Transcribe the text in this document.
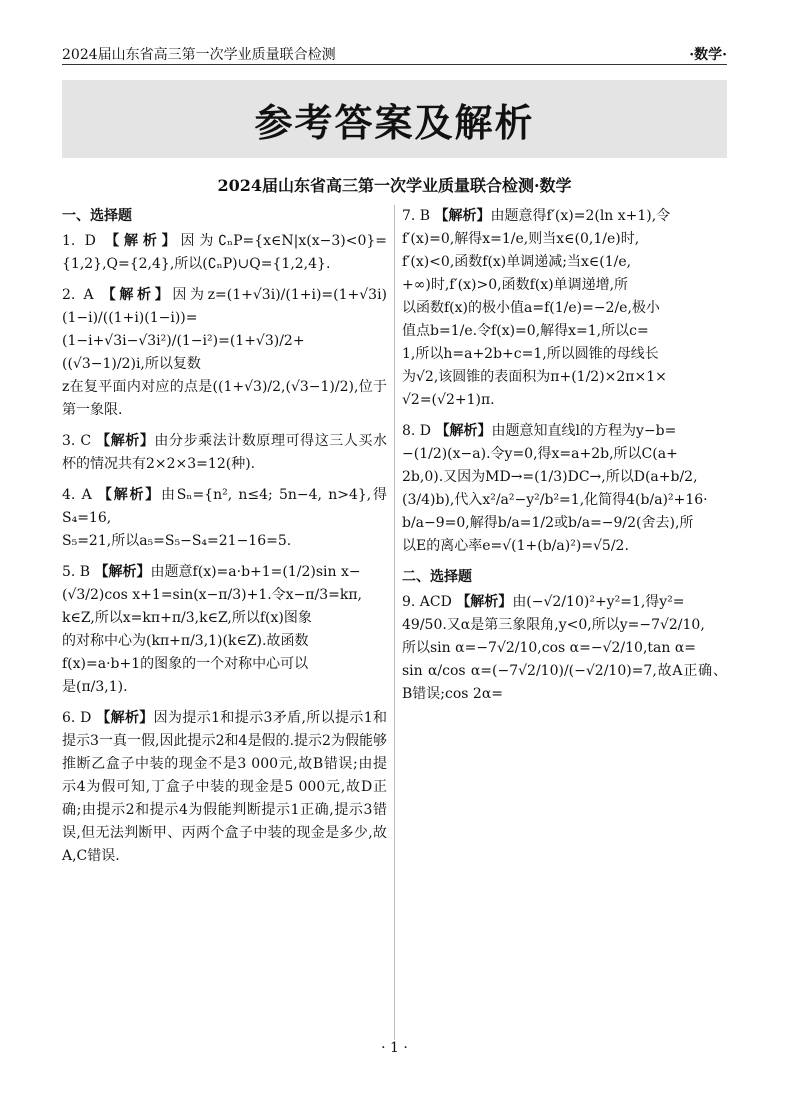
2024届山东省高三第一次学业质量联合检测	·数学·
参考答案及解析
2024届山东省高三第一次学业质量联合检测·数学
一、选择题

1. D 【解析】因为∁ₙP={x∈N|x(x−3)<0}={1,2},Q={2,4},所以(∁ₙP)∪Q={1,2,4}.

2. A 【解析】因为z=(1+√3i)/(1+i)=(1+√3i)(1−i)/((1+i)(1−i))=

(1−i+√3i−√3i²)/(1−i²)=(1+√3)/2+((√3−1)/2)i,所以复数

z在复平面内对应的点是((1+√3)/2,(√3−1)/2),位于第一象限.

3. C 【解析】由分步乘法计数原理可得这三人买水杯的情况共有2×2×3=12(种).

4. A 【解析】由Sₙ={n², n≤4; 5n−4, n>4},得S₄=16,

S₅=21,所以a₅=S₅−S₄=21−16=5.

5. B 【解析】由题意f(x)=a·b+1=(1/2)sin x−

(√3/2)cos x+1=sin(x−π/3)+1.令x−π/3=kπ,

k∈Z,所以x=kπ+π/3,k∈Z,所以f(x)图象

的对称中心为(kπ+π/3,1)(k∈Z).故函数

f(x)=a·b+1的图象的一个对称中心可以

是(π/3,1).

6. D 【解析】因为提示1和提示3矛盾,所以提示1和提示3一真一假,因此提示2和4是假的.提示2为假能够推断乙盒子中装的现金不是3 000元,故B错误;由提示4为假可知,丁盒子中装的现金是5 000元,故D正确;由提示2和提示4为假能判断提示1正确,提示3错误,但无法判断甲、丙两个盒子中装的现金是多少,故A,C错误.

7. B 【解析】由题意得f′(x)=2(ln x+1),令

f′(x)=0,解得x=1/e,则当x∈(0,1/e)时,

f′(x)<0,函数f(x)单调递减;当x∈(1/e,

+∞)时,f′(x)>0,函数f(x)单调递增,所

以函数f(x)的极小值a=f(1/e)=−2/e,极小

值点b=1/e.令f(x)=0,解得x=1,所以c=

1,所以h=a+2b+c=1,所以圆锥的母线长

为√2,该圆锥的表面积为π+(1/2)×2π×1×

√2=(√2+1)π.

8. D 【解析】由题意知直线l的方程为y−b=

−(1/2)(x−a).令y=0,得x=a+2b,所以C(a+

2b,0).又因为MD→=(1/3)DC→,所以D(a+b/2,

(3/4)b),代入x²/a²−y²/b²=1,化简得4(b/a)²+16·

b/a−9=0,解得b/a=1/2或b/a=−9/2(舍去),所

以E的离心率e=√(1+(b/a)²)=√5/2.

二、选择题

9. ACD 【解析】由(−√2/10)²+y²=1,得y²=

49/50.又α是第三象限角,y<0,所以y=−7√2/10,

所以sin α=−7√2/10,cos α=−√2/10,tan α=

sin α/cos α=(−7√2/10)/(−√2/10)=7,故A正确、B错误;cos 2α=

· 1 ·
